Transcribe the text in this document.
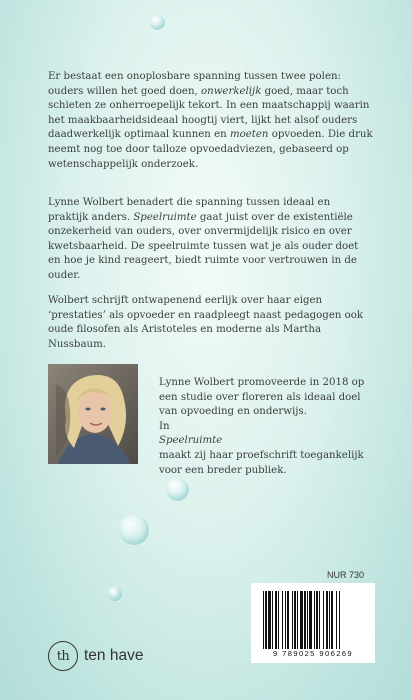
Er bestaat een onoplosbare spanning tussen twee polen: ouders willen het goed doen, onwerkelijk goed, maar toch schieten ze onherroepelijk tekort. In een maatschappij waarin het maakbaarheidsideaal hoogtij viert, lijkt het alsof ouders daadwerkelijk optimaal kunnen en moeten opvoeden. Die druk neemt nog toe door talloze opvoedadviezen, gebaseerd op wetenschappelijk onderzoek.

Lynne Wolbert benadert die spanning tussen ideaal en praktijk anders. Speelruimte gaat juist over de existentiële onzekerheid van ouders, over onvermijdelijk risico en over kwetsbaarheid. De speelruimte tussen wat je als ouder doet en hoe je kind reageert, biedt ruimte voor vertrouwen in de ouder.

Wolbert schrijft ontwapenend eerlijk over haar eigen ‘prestaties’ als opvoeder en raadpleegt naast pedagogen ook oude filosofen als Aristoteles en moderne als Martha Nussbaum.

Lynne Wolbert promoveerde in 2018 op een studie over floreren als ideaal doel van opvoeding en onderwijs.
In
Speelruimte
maakt zij haar proefschrift toegankelijk voor een breder publiek.

NUR 730
9 789025 906269
th ten have
